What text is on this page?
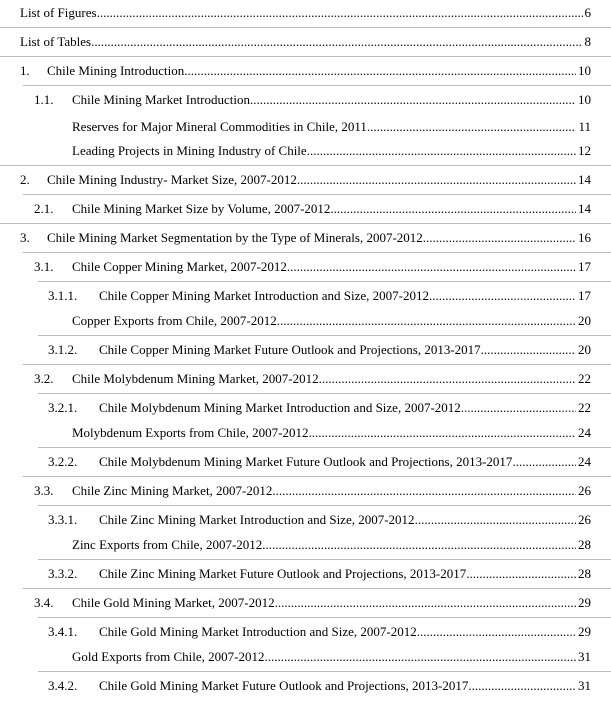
List of Figures .....	6
List of Tables .....	8
1. Chile Mining Introduction .....	10
1.1. Chile Mining Market Introduction .....	10
Reserves for Major Mineral Commodities in Chile, 2011 .....	11
Leading Projects in Mining Industry of Chile .....	12
2. Chile Mining Industry- Market Size, 2007-2012 .....	14
2.1. Chile Mining Market Size by Volume, 2007-2012 .....	14
3. Chile Mining Market Segmentation by the Type of Minerals, 2007-2012 .....	16
3.1. Chile Copper Mining Market, 2007-2012 .....	17
3.1.1. Chile Copper Mining Market Introduction and Size, 2007-2012 .....	17
Copper Exports from Chile, 2007-2012 .....	20
3.1.2. Chile Copper Mining Market Future Outlook and Projections, 2013-2017 .....	20
3.2. Chile Molybdenum Mining Market, 2007-2012 .....	22
3.2.1. Chile Molybdenum Mining Market Introduction and Size, 2007-2012 .....	22
Molybdenum Exports from Chile, 2007-2012 .....	24
3.2.2. Chile Molybdenum Mining Market Future Outlook and Projections, 2013-2017 .....	24
3.3. Chile Zinc Mining Market, 2007-2012 .....	26
3.3.1. Chile Zinc Mining Market Introduction and Size, 2007-2012 .....	26
Zinc Exports from Chile, 2007-2012 .....	28
3.3.2. Chile Zinc Mining Market Future Outlook and Projections, 2013-2017 .....	28
3.4. Chile Gold Mining Market, 2007-2012 .....	29
3.4.1. Chile Gold Mining Market Introduction and Size, 2007-2012 .....	29
Gold Exports from Chile, 2007-2012 .....	31
3.4.2. Chile Gold Mining Market Future Outlook and Projections, 2013-2017 .....	31
